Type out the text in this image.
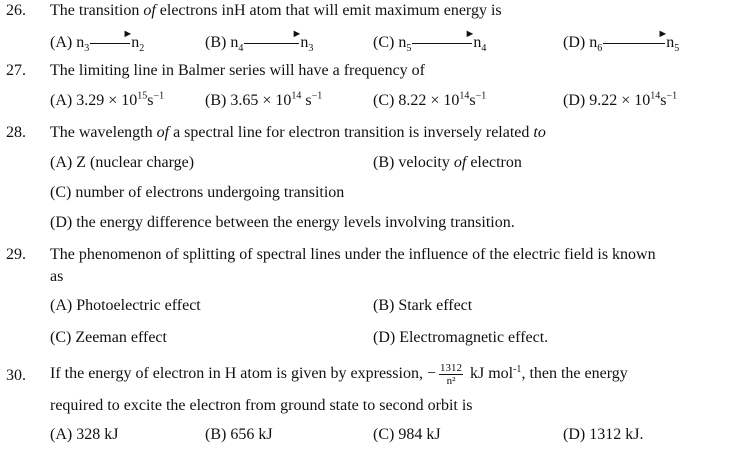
26. The transition of electrons inH atom that will emit maximum energy is
(A) $n_3$
►
$n_2$	(B) $n_4$
►
$n_3$	(C) $n_5$
►
$n_4$	(D) $n_6$
►
$n_5$
27. The limiting line in Balmer series will have a frequency of
(A) $3.29 \times 10^{15}s^{-1}$	(B) $3.65 \times 10^{14}$ $s^{-1}$	(C) $8.22 \times 10^{14}s^{-1}$	(D) $9.22 \times 10^{14}s^{-1}$
28. The wavelength of a spectral line for electron transition is inversely related to
(A) Z (nuclear charge)	(B) velocity of electron
(C) number of electrons undergoing transition
(D) the energy difference between the energy levels involving transition.
29. The phenomenon of splitting of spectral lines under the influence of the electric field is known
as
(A) Photoelectric effect	(B) Stark effect
(C) Zeeman effect	(D) Electromagnetic effect.
30. If the energy of electron in H atom is given by expression, − $\frac{1312}{\text{n²}}$ kJ mol$^{-1}$, then the energy
required to excite the electron from ground state to second orbit is
(A) 328 kJ	(B) 656 kJ	(C) 984 kJ	(D) 1312 kJ.
